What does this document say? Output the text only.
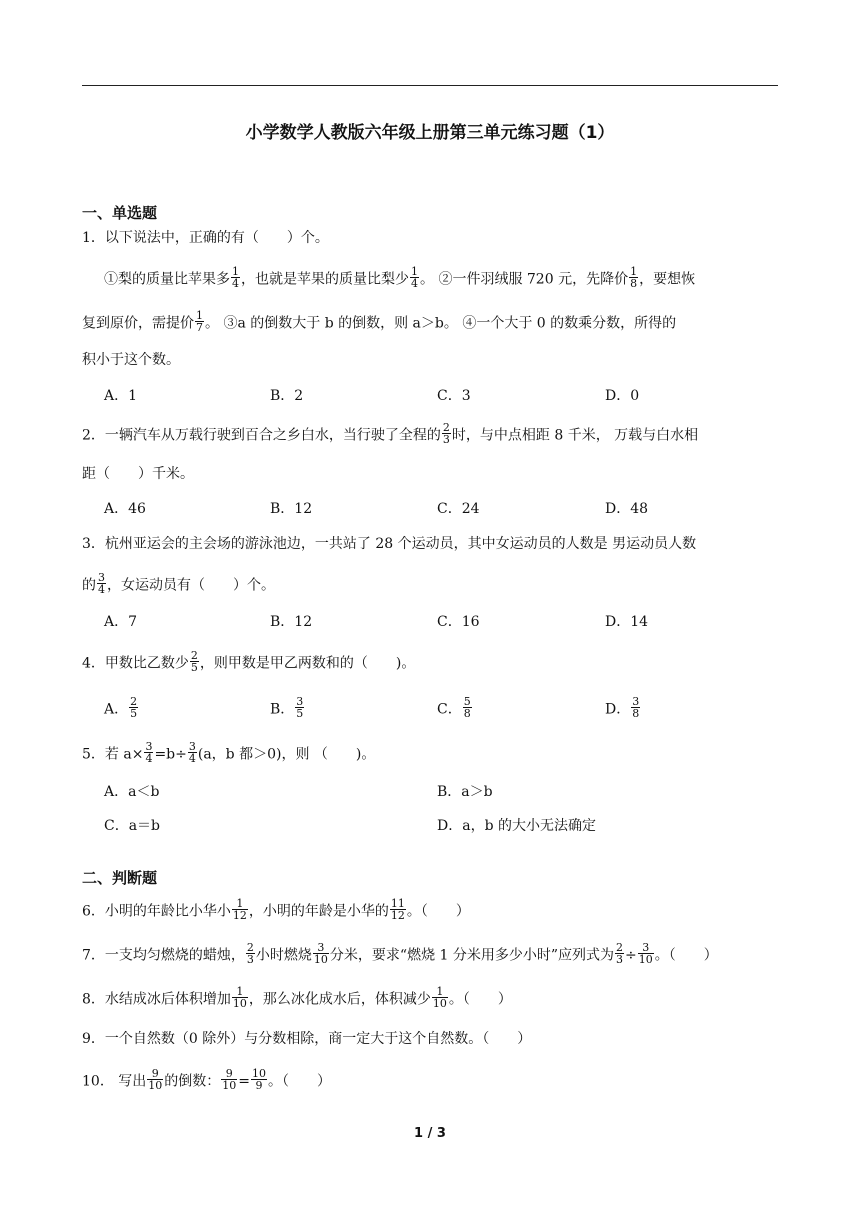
小学数学人教版六年级上册第三单元练习题（1）
一、单选题
1．以下说法中，正确的有（　　）个。
①梨的质量比苹果多 $\frac{1}{4}$ ，也就是苹果的质量比梨少 $\frac{1}{4}$ 。 ②一件羽绒服 720 元，先降价 $\frac{1}{8}$ ，要想恢
复到原价，需提价 $\frac{1}{7}$ 。 ③a 的倒数大于 b 的倒数，则 a＞b。 ④一个大于 0 的数乘分数，所得的
积小于这个数。
A．1	B．2	C．3	D．0
2．一辆汽车从万载行驶到百合之乡白水，当行驶了全程的 $\frac{2}{3}$ 时，与中点相距 8 千米， 万载与白水相
距（　　）千米。
A．46	B．12	C．24	D．48
3．杭州亚运会的主会场的游泳池边，一共站了 28 个运动员，其中女运动员的人数是 男运动员人数
的 $\frac{3}{4}$ ，女运动员有（　　）个。
A．7	B．12	C．16	D．14
4．甲数比乙数少 $\frac{2}{5}$ ，则甲数是甲乙两数和的（　　)。
A． $\frac{2}{5}$	B． $\frac{3}{5}$	C． $\frac{5}{8}$	D． $\frac{3}{8}$
5．若 $a\times \frac{3}{4} =b\div \frac{3}{4} (a$，b 都＞0)，则 （　　)。
A．a＜b	B．a＞b
C．a＝b	D．a，b 的大小无法确定
二、判断题
6．小明的年龄比小华小 $\frac{1}{12}$ ，小明的年龄是小华的 $\frac{11}{12}$ 。（　　）
7．一支均匀燃烧的蜡烛， $\frac{2}{3}$ 小时燃烧 $\frac{3}{10}$ 分米，要求“燃烧 1 分米用多少小时”应列式为 $\frac{2}{3} \div \frac{3}{10}$ 。（　　）
8．水结成冰后体积增加 $\frac{1}{10}$ ，那么冰化成水后，体积减少 $\frac{1}{10}$ 。（　　）
9．一个自然数（0 除外）与分数相除，商一定大于这个自然数。（　　）
10． 写出 $\frac{9}{10}$ 的倒数： $\frac{9}{10} = \frac{10}{9}$ 。（　　）
1 / 3
